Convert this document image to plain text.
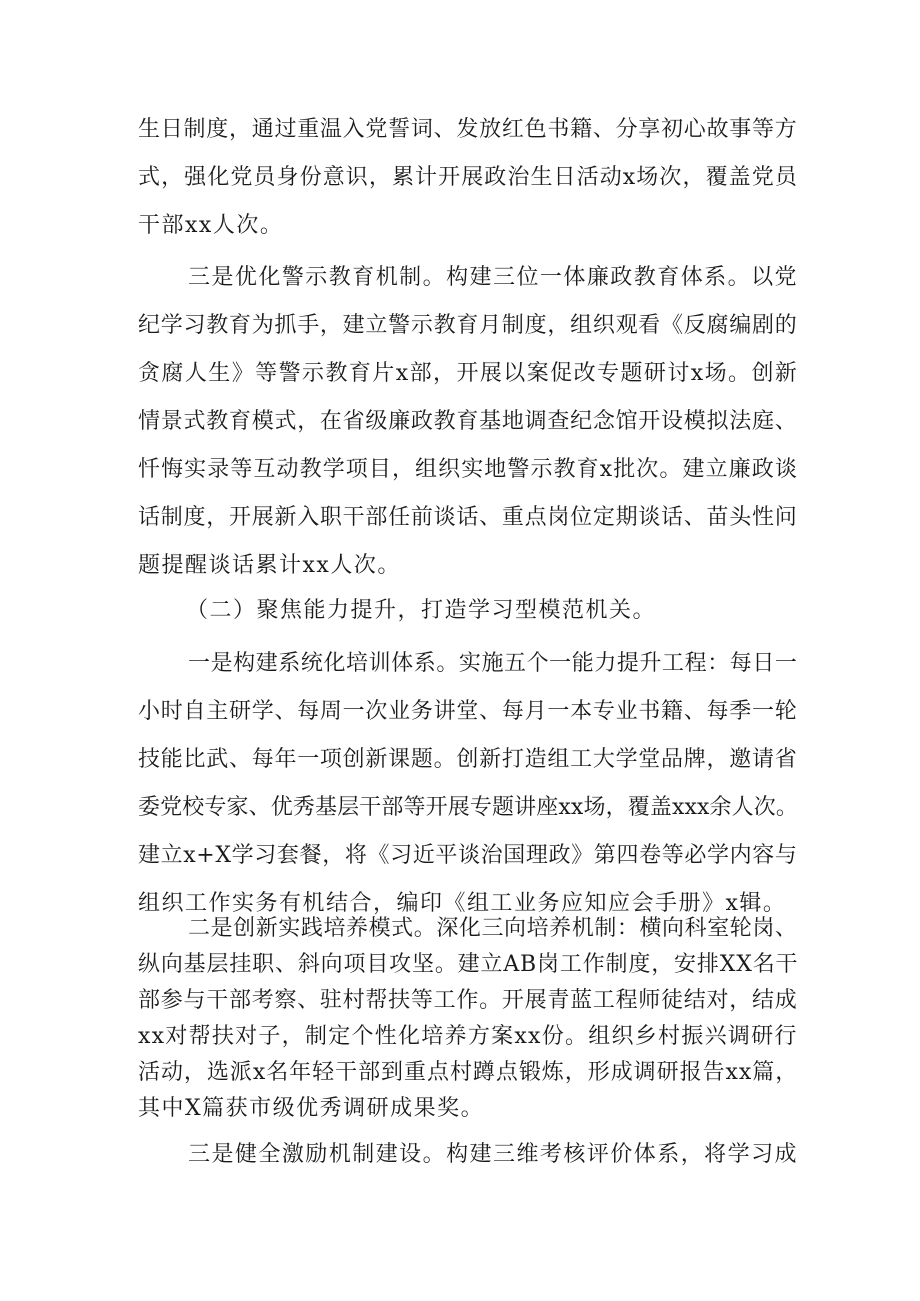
生日制度，通过重温入党誓词、发放红色书籍、分享初心故事等方
式，强化党员身份意识，累计开展政治生日活动x场次，覆盖党员
干部xx人次。
三是优化警示教育机制。构建三位一体廉政教育体系。以党
纪学习教育为抓手，建立警示教育月制度，组织观看《反腐编剧的
贪腐人生》等警示教育片x部，开展以案促改专题研讨x场。创新
情景式教育模式，在省级廉政教育基地调查纪念馆开设模拟法庭、
忏悔实录等互动教学项目，组织实地警示教育x批次。建立廉政谈
话制度，开展新入职干部任前谈话、重点岗位定期谈话、苗头性问
题提醒谈话累计xx人次。
（二）聚焦能力提升，打造学习型模范机关。
一是构建系统化培训体系。实施五个一能力提升工程：每日一
小时自主研学、每周一次业务讲堂、每月一本专业书籍、每季一轮
技能比武、每年一项创新课题。创新打造组工大学堂品牌，邀请省
委党校专家、优秀基层干部等开展专题讲座xx场，覆盖xxx余人次。
建立x+X学习套餐，将《习近平谈治国理政》第四卷等必学内容与
组织工作实务有机结合，编印《组工业务应知应会手册》x辑。
二是创新实践培养模式。深化三向培养机制：横向科室轮岗、
纵向基层挂职、斜向项目攻坚。建立AB岗工作制度，安排XX名干
部参与干部考察、驻村帮扶等工作。开展青蓝工程师徒结对，结成
xx对帮扶对子，制定个性化培养方案xx份。组织乡村振兴调研行
活动，选派x名年轻干部到重点村蹲点锻炼，形成调研报告xx篇，
其中X篇获市级优秀调研成果奖。
三是健全激励机制建设。构建三维考核评价体系，将学习成
